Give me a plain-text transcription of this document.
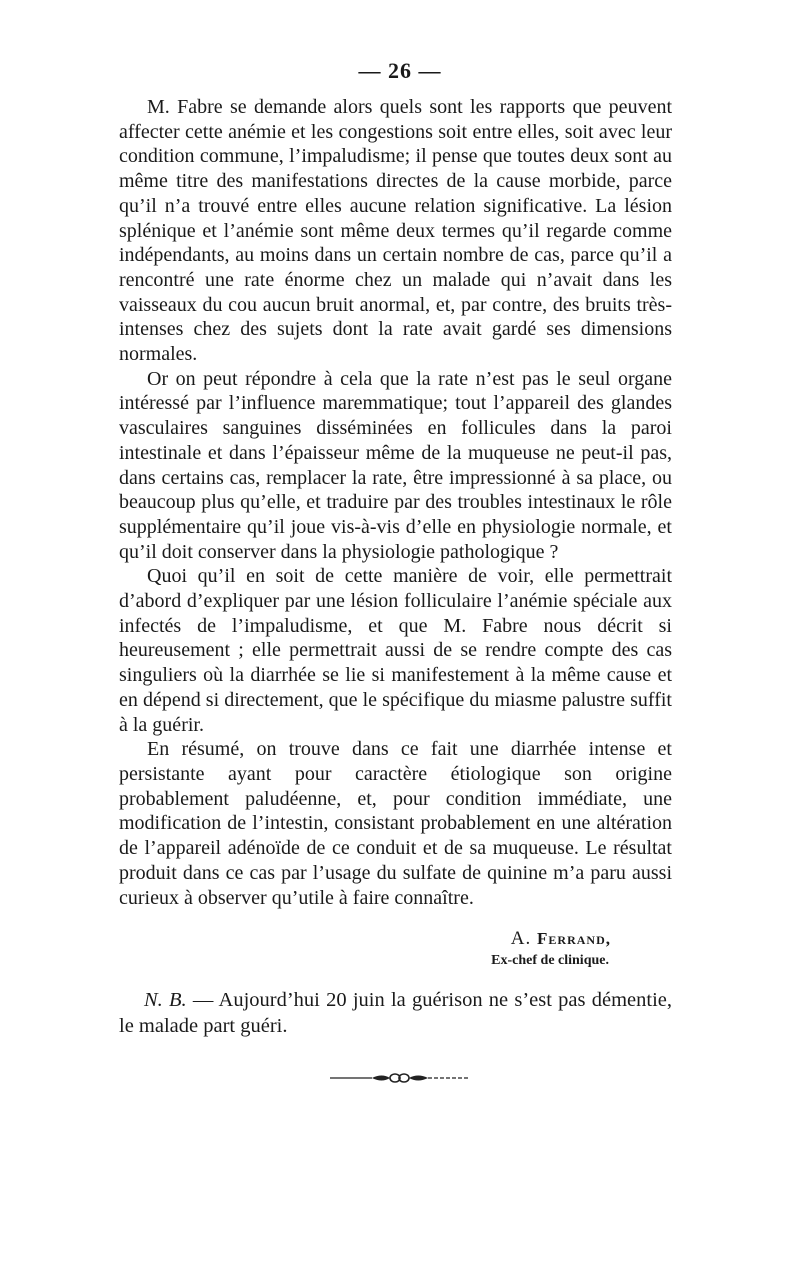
— 26 —

M. Fabre se demande alors quels sont les rapports que peuvent affecter cette anémie et les congestions soit entre elles, soit avec leur condition commune, l’impaludisme; il pense que toutes deux sont au même titre des manifestations directes de la cause morbide, parce qu’il n’a trouvé entre elles aucune relation significative. La lésion splénique et l’anémie sont même deux termes qu’il regarde comme indépendants, au moins dans un certain nombre de cas, parce qu’il a rencontré une rate énorme chez un malade qui n’avait dans les vaisseaux du cou aucun bruit anormal, et, par contre, des bruits très-intenses chez des sujets dont la rate avait gardé ses dimensions normales.

Or on peut répondre à cela que la rate n’est pas le seul organe intéressé par l’influence maremmatique; tout l’appareil des glandes vasculaires sanguines disséminées en follicules dans la paroi intestinale et dans l’épaisseur même de la muqueuse ne peut-il pas, dans certains cas, remplacer la rate, être impressionné à sa place, ou beaucoup plus qu’elle, et traduire par des troubles intestinaux le rôle supplémentaire qu’il joue vis-à-vis d’elle en physiologie normale, et qu’il doit conserver dans la physiologie pathologique ?

Quoi qu’il en soit de cette manière de voir, elle permettrait d’abord d’expliquer par une lésion folliculaire l’anémie spéciale aux infectés de l’impaludisme, et que M. Fabre nous décrit si heureusement ; elle permettrait aussi de se rendre compte des cas singuliers où la diarrhée se lie si manifestement à la même cause et en dépend si directement, que le spécifique du miasme palustre suffit à la guérir.

En résumé, on trouve dans ce fait une diarrhée intense et persistante ayant pour caractère étiologique son origine probablement paludéenne, et, pour condition immédiate, une modification de l’intestin, consistant probablement en une altération de l’appareil adénoïde de ce conduit et de sa muqueuse. Le résultat produit dans ce cas par l’usage du sulfate de quinine m’a paru aussi curieux à observer qu’utile à faire connaître.

A. Ferrand,
Ex-chef de clinique.
N. B. — Aujourd’hui 20 juin la guérison ne s’est pas démentie, le malade part guéri.
